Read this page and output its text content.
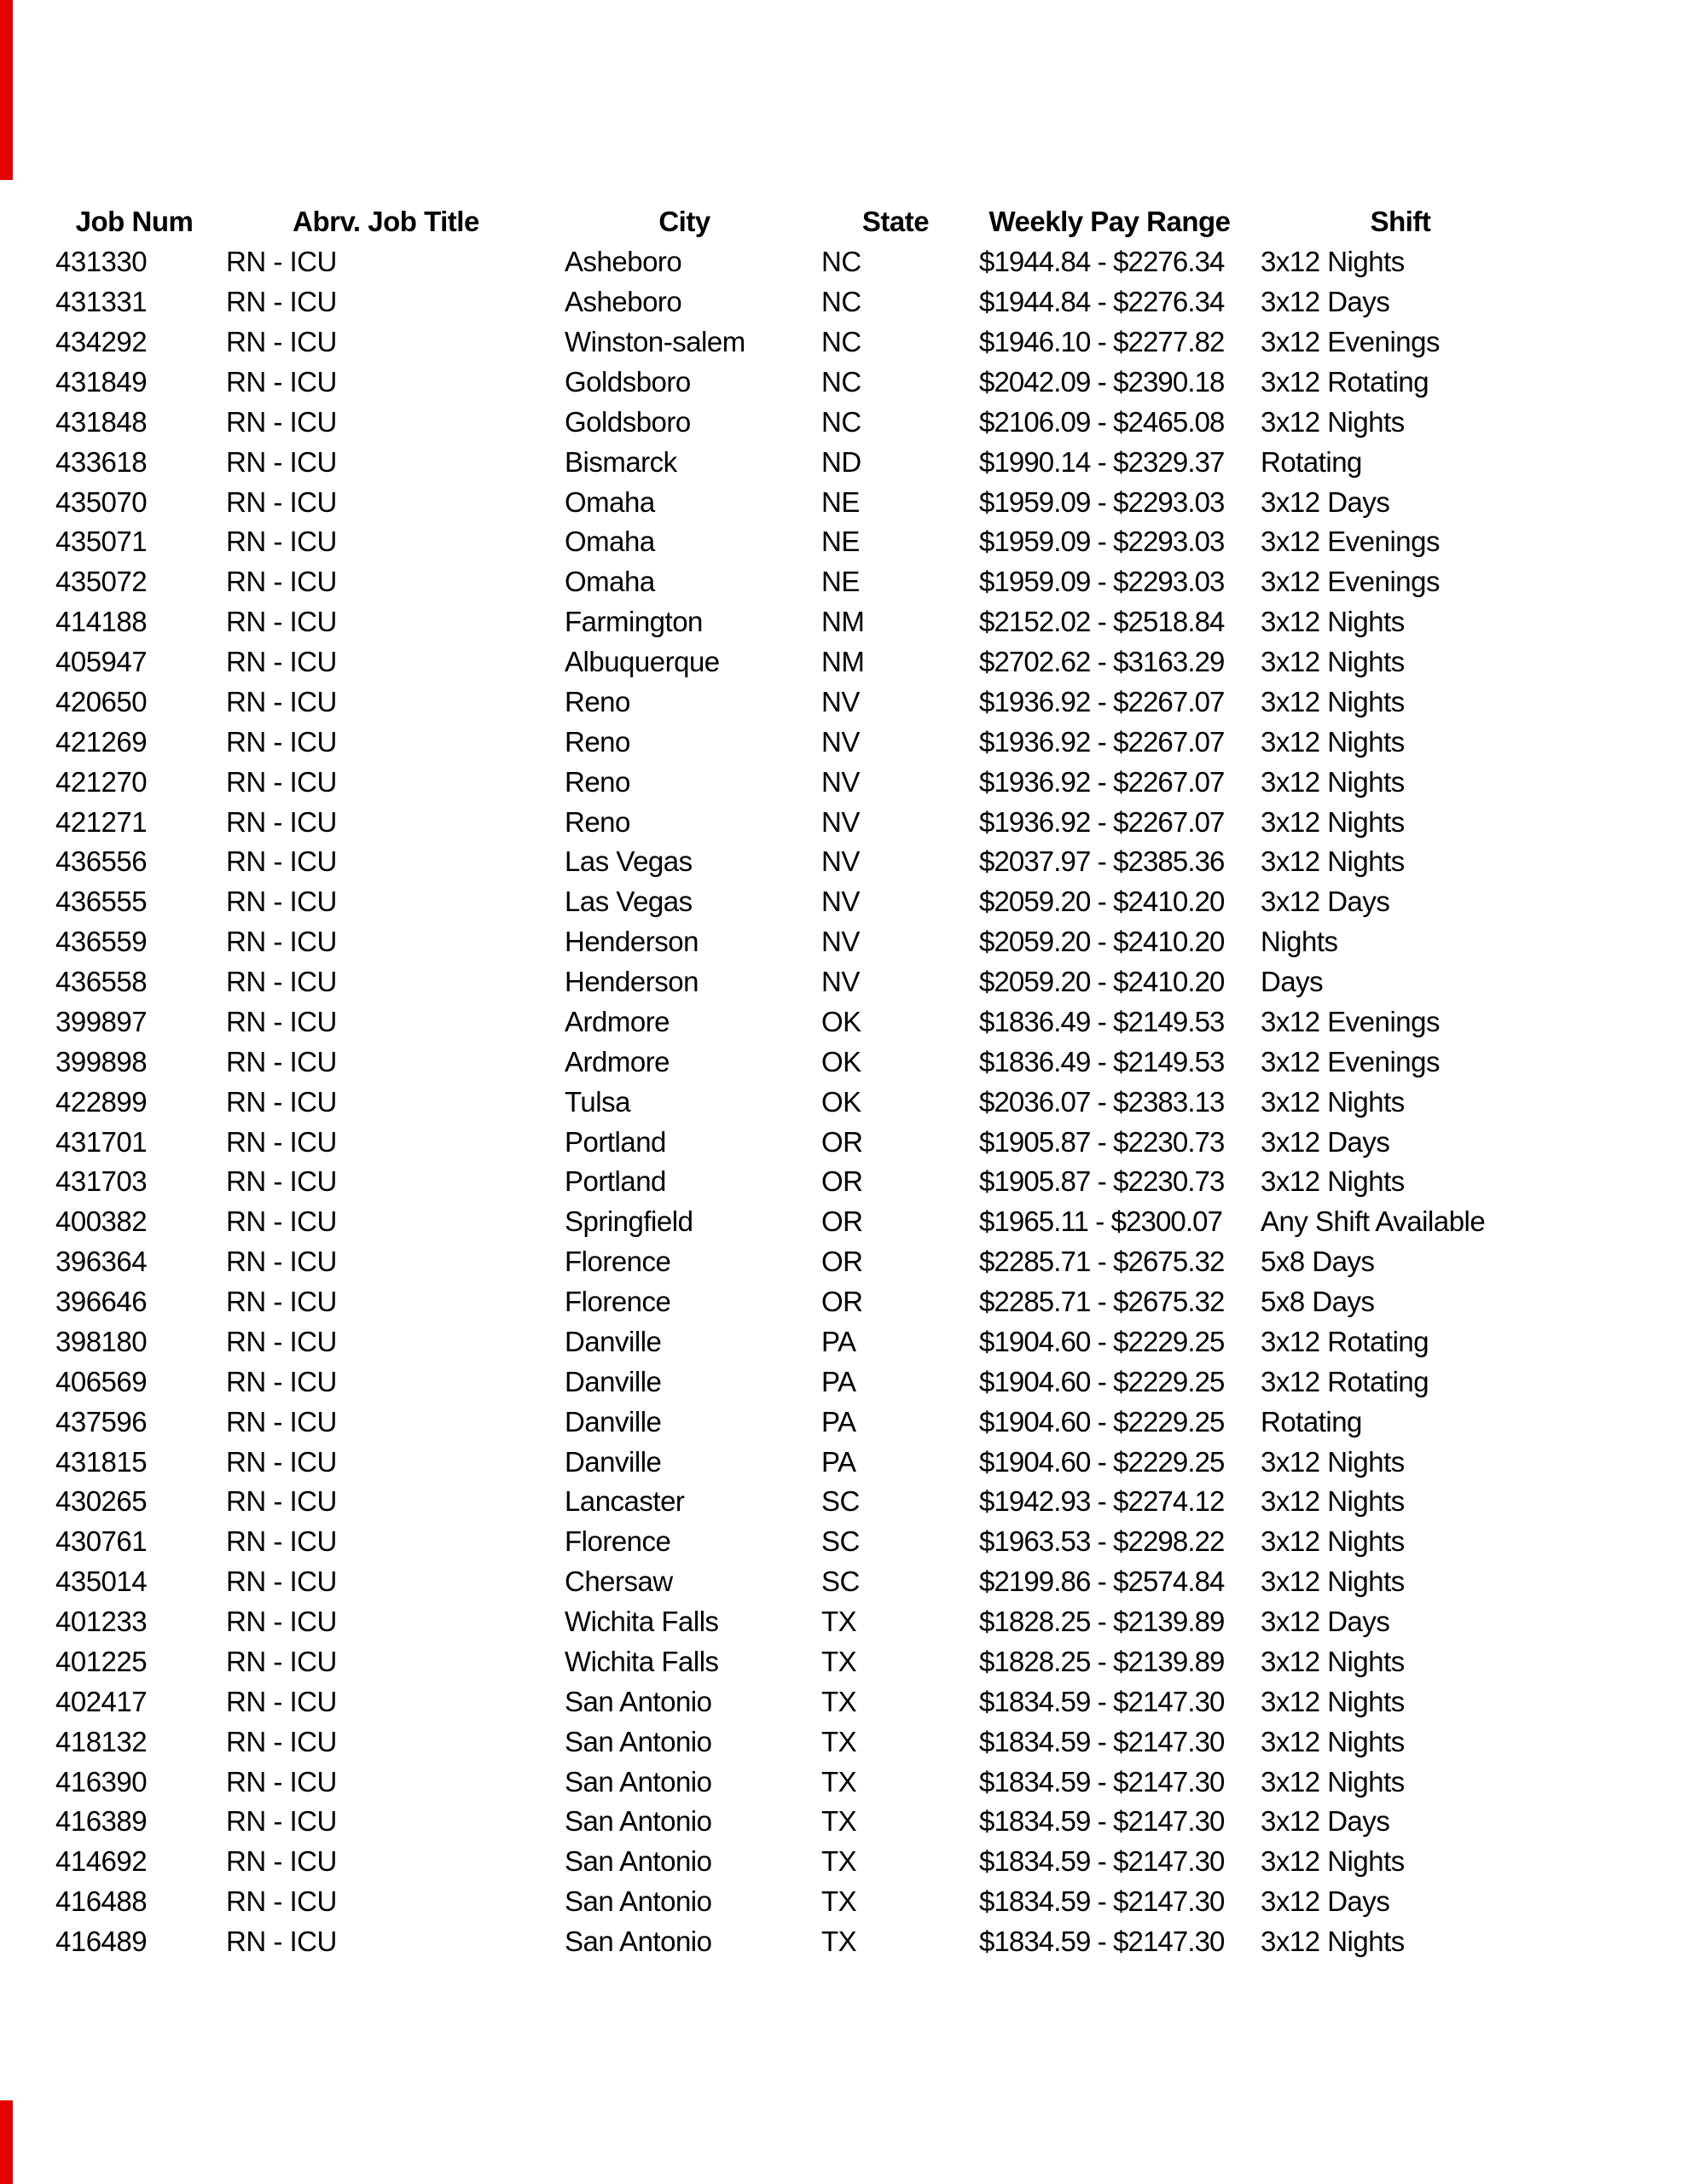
Job Num	Abrv. Job Title	City	State	Weekly Pay Range	Shift
431330	RN - ICU	Asheboro	NC	$1944.84 - $2276.34	3x12 Nights
431331	RN - ICU	Asheboro	NC	$1944.84 - $2276.34	3x12 Days
434292	RN - ICU	Winston-salem	NC	$1946.10 - $2277.82	3x12 Evenings
431849	RN - ICU	Goldsboro	NC	$2042.09 - $2390.18	3x12 Rotating
431848	RN - ICU	Goldsboro	NC	$2106.09 - $2465.08	3x12 Nights
433618	RN - ICU	Bismarck	ND	$1990.14 - $2329.37	Rotating
435070	RN - ICU	Omaha	NE	$1959.09 - $2293.03	3x12 Days
435071	RN - ICU	Omaha	NE	$1959.09 - $2293.03	3x12 Evenings
435072	RN - ICU	Omaha	NE	$1959.09 - $2293.03	3x12 Evenings
414188	RN - ICU	Farmington	NM	$2152.02 - $2518.84	3x12 Nights
405947	RN - ICU	Albuquerque	NM	$2702.62 - $3163.29	3x12 Nights
420650	RN - ICU	Reno	NV	$1936.92 - $2267.07	3x12 Nights
421269	RN - ICU	Reno	NV	$1936.92 - $2267.07	3x12 Nights
421270	RN - ICU	Reno	NV	$1936.92 - $2267.07	3x12 Nights
421271	RN - ICU	Reno	NV	$1936.92 - $2267.07	3x12 Nights
436556	RN - ICU	Las Vegas	NV	$2037.97 - $2385.36	3x12 Nights
436555	RN - ICU	Las Vegas	NV	$2059.20 - $2410.20	3x12 Days
436559	RN - ICU	Henderson	NV	$2059.20 - $2410.20	Nights
436558	RN - ICU	Henderson	NV	$2059.20 - $2410.20	Days
399897	RN - ICU	Ardmore	OK	$1836.49 - $2149.53	3x12 Evenings
399898	RN - ICU	Ardmore	OK	$1836.49 - $2149.53	3x12 Evenings
422899	RN - ICU	Tulsa	OK	$2036.07 - $2383.13	3x12 Nights
431701	RN - ICU	Portland	OR	$1905.87 - $2230.73	3x12 Days
431703	RN - ICU	Portland	OR	$1905.87 - $2230.73	3x12 Nights
400382	RN - ICU	Springfield	OR	$1965.11 - $2300.07	Any Shift Available
396364	RN - ICU	Florence	OR	$2285.71 - $2675.32	5x8 Days
396646	RN - ICU	Florence	OR	$2285.71 - $2675.32	5x8 Days
398180	RN - ICU	Danville	PA	$1904.60 - $2229.25	3x12 Rotating
406569	RN - ICU	Danville	PA	$1904.60 - $2229.25	3x12 Rotating
437596	RN - ICU	Danville	PA	$1904.60 - $2229.25	Rotating
431815	RN - ICU	Danville	PA	$1904.60 - $2229.25	3x12 Nights
430265	RN - ICU	Lancaster	SC	$1942.93 - $2274.12	3x12 Nights
430761	RN - ICU	Florence	SC	$1963.53 - $2298.22	3x12 Nights
435014	RN - ICU	Chersaw	SC	$2199.86 - $2574.84	3x12 Nights
401233	RN - ICU	Wichita Falls	TX	$1828.25 - $2139.89	3x12 Days
401225	RN - ICU	Wichita Falls	TX	$1828.25 - $2139.89	3x12 Nights
402417	RN - ICU	San Antonio	TX	$1834.59 - $2147.30	3x12 Nights
418132	RN - ICU	San Antonio	TX	$1834.59 - $2147.30	3x12 Nights
416390	RN - ICU	San Antonio	TX	$1834.59 - $2147.30	3x12 Nights
416389	RN - ICU	San Antonio	TX	$1834.59 - $2147.30	3x12 Days
414692	RN - ICU	San Antonio	TX	$1834.59 - $2147.30	3x12 Nights
416488	RN - ICU	San Antonio	TX	$1834.59 - $2147.30	3x12 Days
416489	RN - ICU	San Antonio	TX	$1834.59 - $2147.30	3x12 Nights
